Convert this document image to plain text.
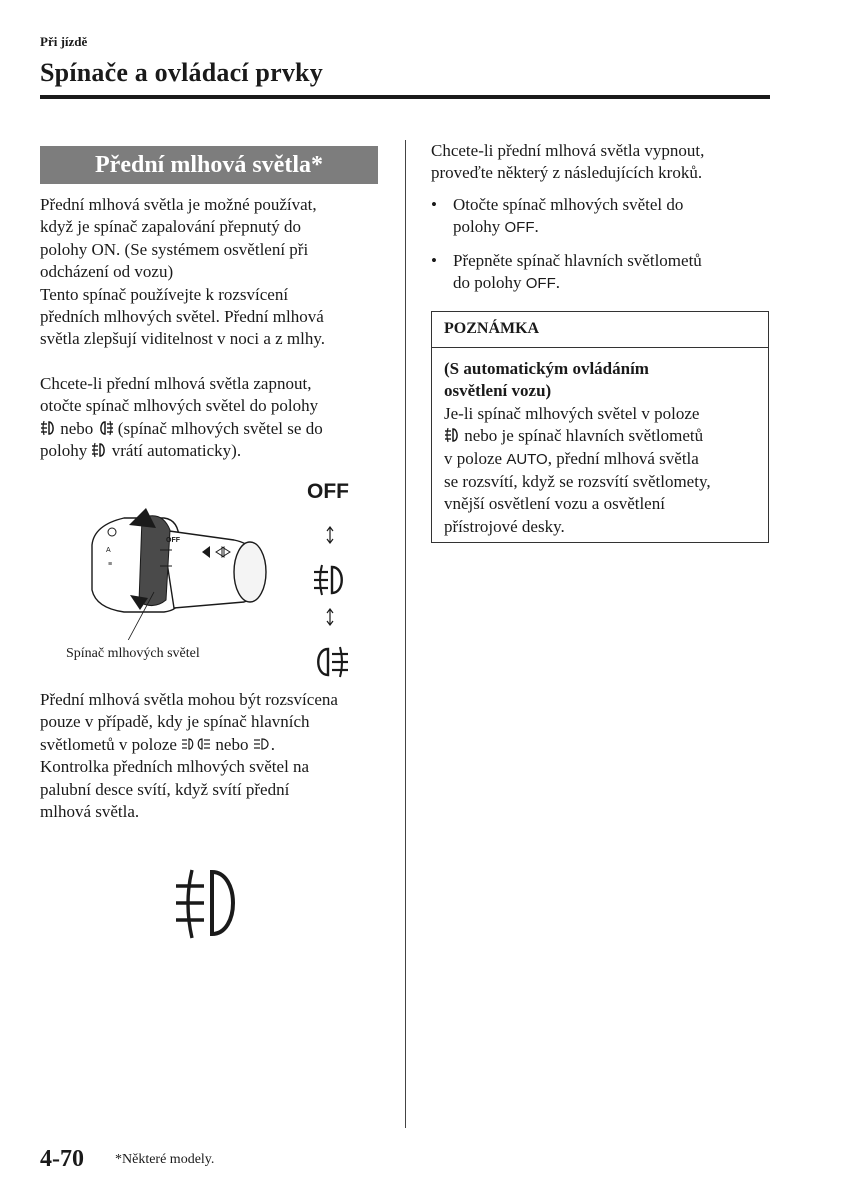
Při jízdě
Spínače a ovládací prvky
Přední mlhová světla*

Přední mlhová světla je možné používat,

když je spínač zapalování přepnutý do

polohy ON. (Se systémem osvětlení při

odcházení od vozu)

Tento spínač používejte k rozsvícení

předních mlhových světel. Přední mlhová

světla zlepšují viditelnost v noci a z mlhy.

Chcete-li přední mlhová světla zapnout,

otočte spínač mlhových světel do polohy

nebo  (spínač mlhových světel se do

polohy  vrátí automaticky).

OFF
A
≡
Spínač mlhových světel
OFF

Přední mlhová světla mohou být rozsvícena

pouze v případě, kdy je spínač hlavních

světlometů v poloze  nebo .

Kontrolka předních mlhových světel na

palubní desce svítí, když svítí přední

mlhová světla.

Chcete-li přední mlhová světla vypnout,

proveďte některý z následujících kroků.

• Otočte spínač mlhových světel do
polohy OFF.
• Přepněte spínač hlavních světlometů
do polohy OFF.
POZNÁMKA
(S automatickým ovládáním
osvětlení vozu)
Je-li spínač mlhových světel v poloze
nebo je spínač hlavních světlometů
v poloze AUTO, přední mlhová světla
se rozsvítí, když se rozsvítí světlomety,
vnější osvětlení vozu a osvětlení
přístrojové desky.
4-70 *Některé modely.
